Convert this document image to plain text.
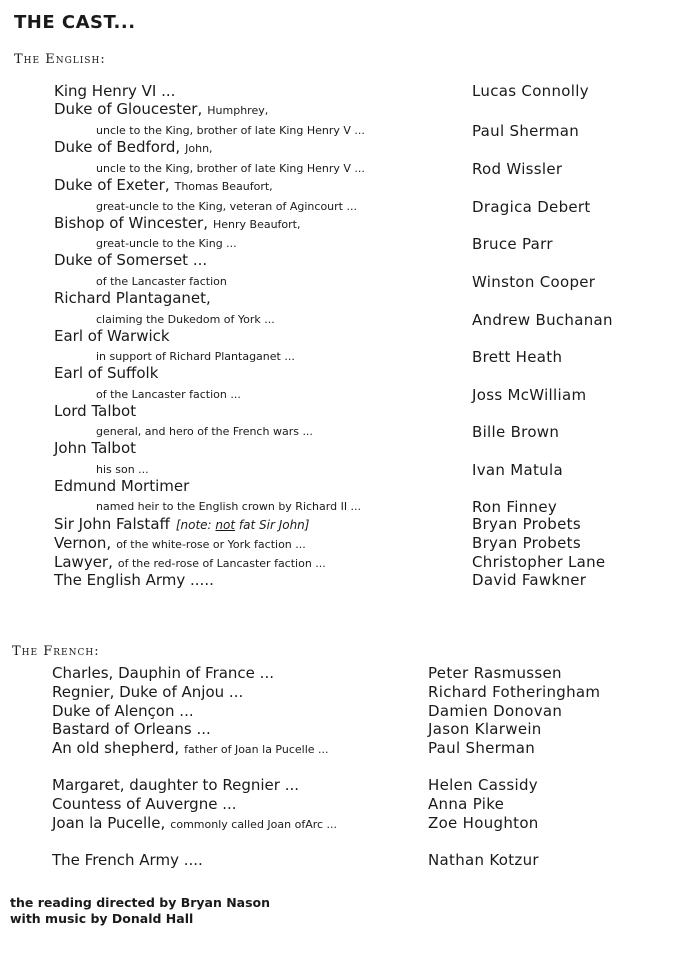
THE CAST...
The English:
King Henry VI ...	Lucas Connolly
Duke of Gloucester, Humphrey,
uncle to the King, brother of late King Henry V ...	Paul Sherman
Duke of Bedford, John,
uncle to the King, brother of late King Henry V ...	Rod Wissler
Duke of Exeter, Thomas Beaufort,
great-uncle to the King, veteran of Agincourt ...	Dragica Debert
Bishop of Wincester, Henry Beaufort,
great-uncle to the King ...	Bruce Parr
Duke of Somerset ...
of the Lancaster faction	Winston Cooper
Richard Plantaganet,
claiming the Dukedom of York ...	Andrew Buchanan
Earl of Warwick
in support of Richard Plantaganet ...	Brett Heath
Earl of Suffolk
of the Lancaster faction ...	Joss McWilliam
Lord Talbot
general, and hero of the French wars ...	Bille Brown
John Talbot
his son ...	Ivan Matula
Edmund Mortimer
named heir to the English crown by Richard II ...	Ron Finney
Sir John Falstaff [note: not fat Sir John]	Bryan Probets
Vernon, of the white-rose or York faction ...	Bryan Probets
Lawyer, of the red-rose of Lancaster faction ...	Christopher Lane
The English Army .....	David Fawkner
The French:
Charles, Dauphin of France ...	Peter Rasmussen
Regnier, Duke of Anjou ...	Richard Fotheringham
Duke of Alençon ...	Damien Donovan
Bastard of Orleans ...	Jason Klarwein
An old shepherd, father of Joan la Pucelle ...	Paul Sherman
Margaret, daughter to Regnier ...	Helen Cassidy
Countess of Auvergne ...	Anna Pike
Joan la Pucelle, commonly called Joan ofArc ...	Zoe Houghton
The French Army ....	Nathan Kotzur
the reading directed by Bryan Nason
with music by Donald Hall
